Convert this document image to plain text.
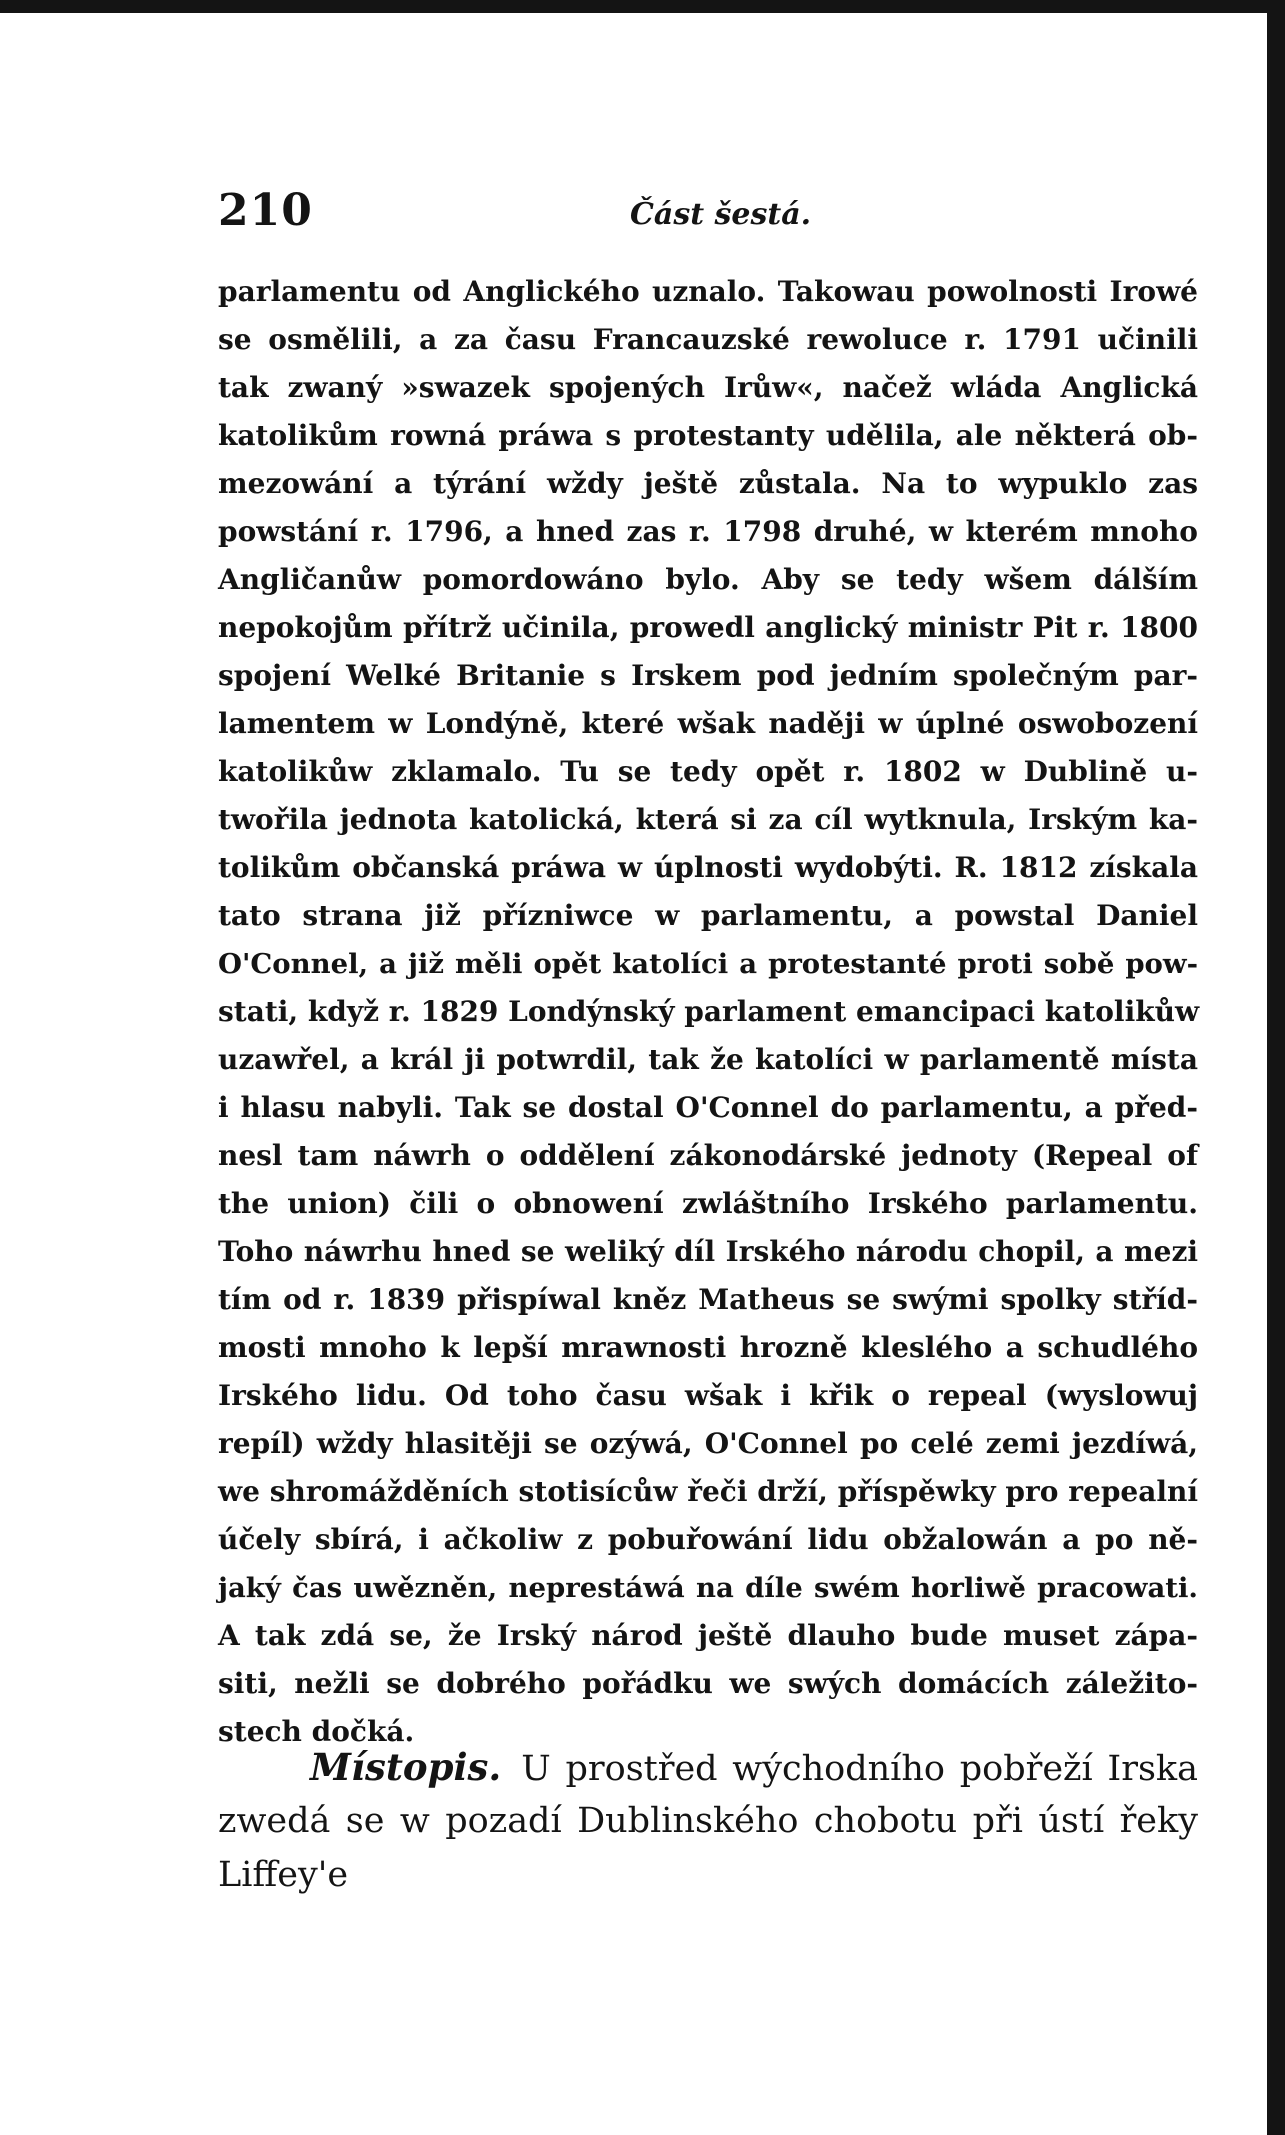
210	Část šestá.
parlamentu od Anglického uznalo. Takowau powolnosti Irowé
se osmělili, a za času Francauzské rewoluce r. 1791 učinili
tak zwaný »swazek spojených Irůw«, načež wláda Anglická
katolikům rowná práwa s protestanty udělila, ale některá ob-
mezowání a týrání wždy ještě zůstala. Na to wypuklo zas
powstání r. 1796, a hned zas r. 1798 druhé, w kterém mnoho
Angličanůw pomordowáno bylo. Aby se tedy wšem dálším
nepokojům přítrž učinila, prowedl anglický ministr Pit r. 1800
spojení Welké Britanie s Irskem pod jedním společným par-
lamentem w Londýně, které wšak naději w úplné oswobození
katolikůw zklamalo. Tu se tedy opět r. 1802 w Dublině u-
twořila jednota katolická, která si za cíl wytknula, Irským ka-
tolikům občanská práwa w úplnosti wydobýti. R. 1812 získala
tato strana již přízniwce w parlamentu, a powstal Daniel
O'Connel, a již měli opět katolíci a protestanté proti sobě pow-
stati, když r. 1829 Londýnský parlament emancipaci katolikůw
uzawřel, a král ji potwrdil, tak že katolíci w parlamentě místa
i hlasu nabyli. Tak se dostal O'Connel do parlamentu, a před-
nesl tam náwrh o oddělení zákonodárské jednoty (Repeal of
the union) čili o obnowení zwláštního Irského parlamentu.
Toho náwrhu hned se weliký díl Irského národu chopil, a mezi
tím od r. 1839 přispíwal kněz Matheus se swými spolky stříd-
mosti mnoho k lepší mrawnosti hrozně kleslého a schudlého
Irského lidu. Od toho času wšak i křik o repeal (wyslowuj
repíl) wždy hlasitěji se ozýwá, O'Connel po celé zemi jezdíwá,
we shromážděních stotisícůw řeči drží, příspěwky pro repealní
účely sbírá, i ačkoliw z pobuřowání lidu obžalowán a po ně-
jaký čas uwězněn, neprestáwá na díle swém horliwě pracowati.
A tak zdá se, že Irský národ ještě dlauho bude muset zápa-
siti, nežli se dobrého pořádku we swých domácích záležito-
stech dočká.
Místopis. U prostřed wýchodního pobřeží Irska
zwedá se w pozadí Dublinského chobotu při ústí řeky
Liffey'e
